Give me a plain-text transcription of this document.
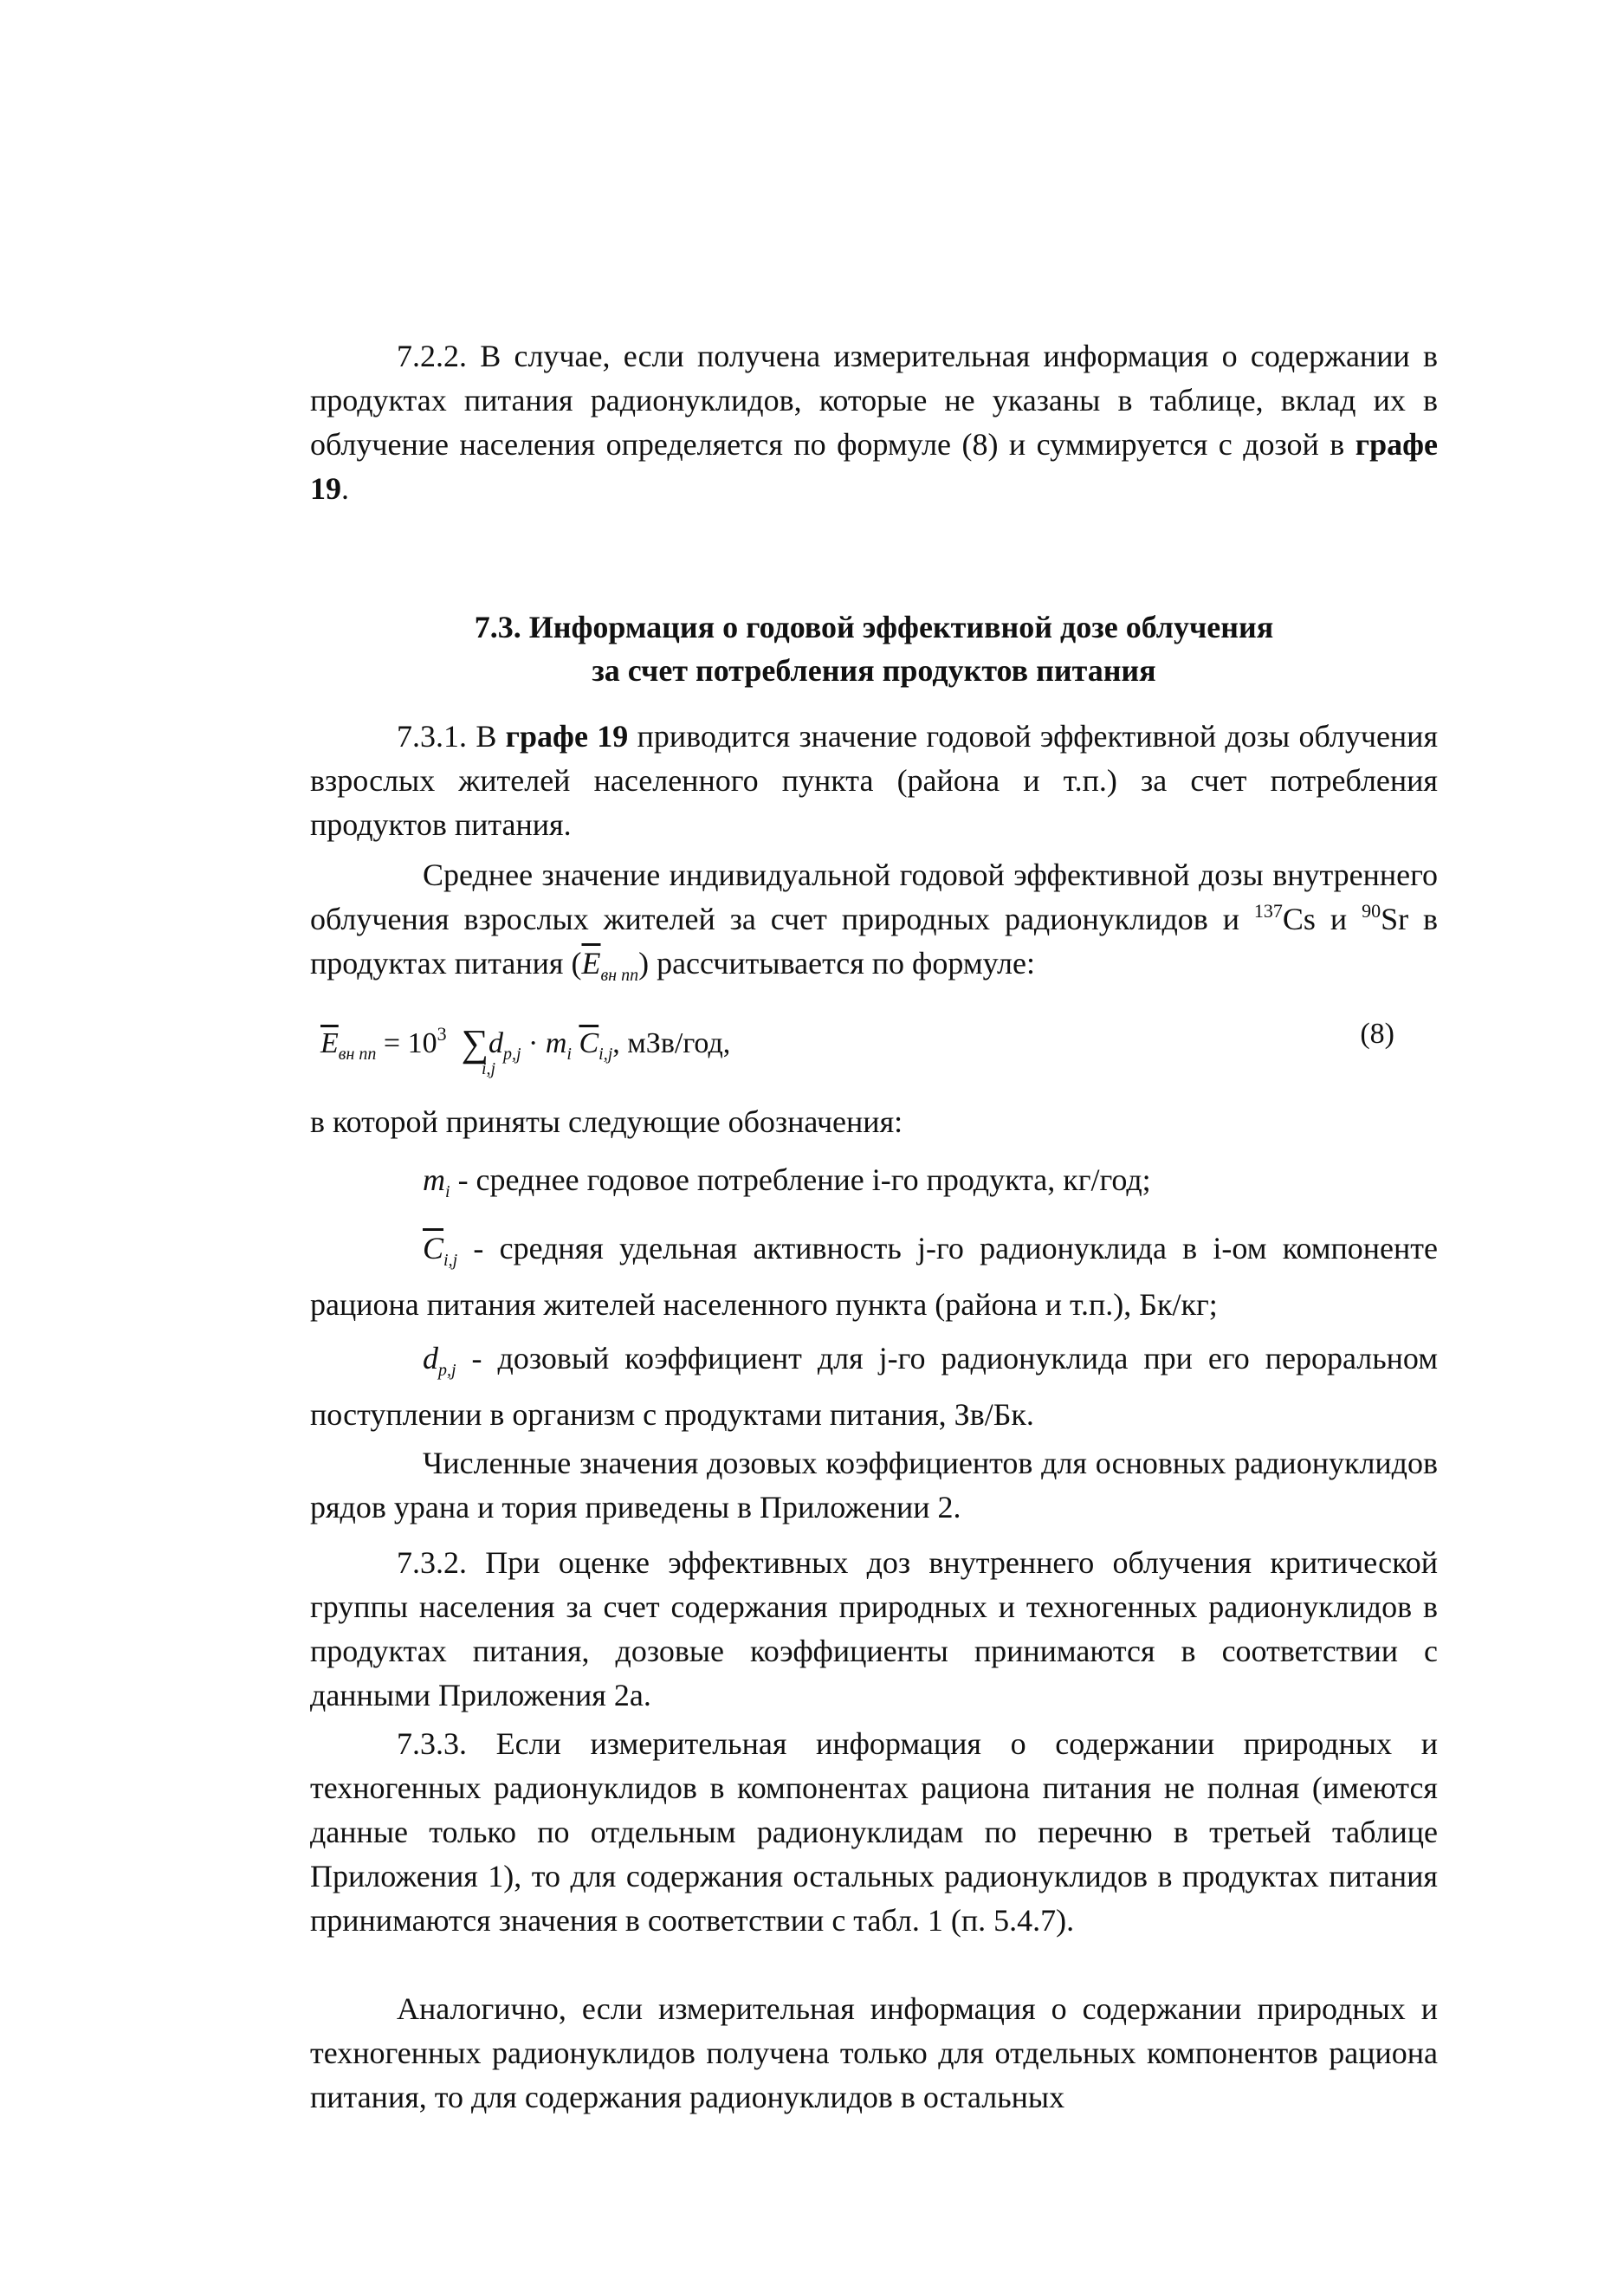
7.2.2. В случае, если получена измерительная информация о содержании в продуктах питания радионуклидов, которые не указаны в таблице, вклад их в облучение населения определяется по формуле (8) и суммируется с дозой в графе 19.
7.3. Информация о годовой эффективной дозе облучения
за счет потребления продуктов питания
7.3.1. В графе 19 приводится значение годовой эффективной дозы облучения взрослых жителей населенного пункта (района и т.п.) за счет потребления продуктов питания.
Среднее значение индивидуальной годовой эффективной дозы внутреннего облучения взрослых жителей за счет природных радионуклидов и $^{137}$Cs и $^{90}$Sr в продуктах питания $(\overline{E}_{вн пп})$ рассчитывается по формуле:
$\overline{E}_{вн пп} = 10^3$ ∑
i,j
$d_{p,j} \cdot m_i$ $\overline{C}_{i,j}$, мЗв/год,	(8)
в которой приняты следующие обозначения:
$m_i$ - среднее годовое потребление i-го продукта, кг/год;
$\overline{C}_{i,j}$ - средняя удельная активность j-го радионуклида в i-ом компоненте рациона питания жителей населенного пункта (района и т.п.), Бк/кг;
$d_{p,j}$ - дозовый коэффициент для j-го радионуклида при его пероральном поступлении в организм с продуктами питания, Зв/Бк.
Численные значения дозовых коэффициентов для основных радионуклидов рядов урана и тория приведены в Приложении 2.
7.3.2. При оценке эффективных доз внутреннего облучения критической группы населения за счет содержания природных и техногенных радионуклидов в продуктах питания, дозовые коэффициенты принимаются в соответствии с данными Приложения 2а.
7.3.3. Если измерительная информация о содержании природных и техногенных радионуклидов в компонентах рациона питания не полная (имеются данные только по отдельным радионуклидам по перечню в третьей таблице Приложения 1), то для содержания остальных радионуклидов в продуктах питания принимаются значения в соответствии с табл. 1 (п. 5.4.7).
Аналогично, если измерительная информация о содержании природных и техногенных радионуклидов получена только для отдельных компонентов рациона питания, то для содержания радионуклидов в остальных
